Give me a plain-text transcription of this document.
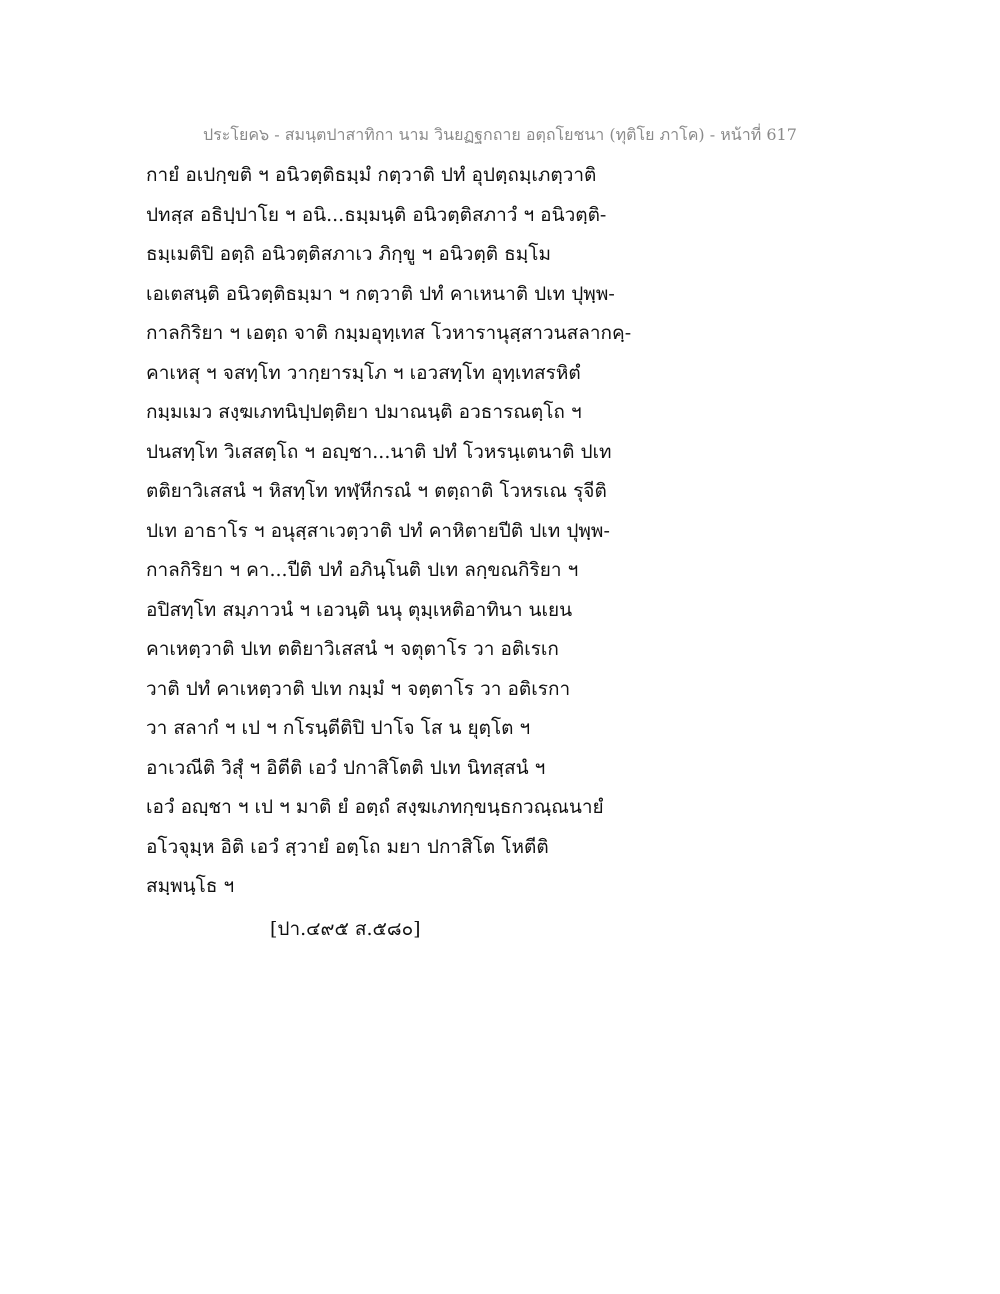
ประโยค๖ - สมนฺตปาสาทิกา นาม วินยฏฐกถาย อตฺถโยชนา (ทุติโย ภาโค) - หน้าที่ 617
กายํ อเปกฺขติ ฯ อนิวตฺติธมฺมํ กตฺวาติ ปทํ อุปตฺถมฺเภตฺวาติ
ปทสฺส อธิปฺปาโย ฯ อนิ...ธมฺมนฺติ อนิวตฺติสภาวํ ฯ อนิวตฺติ-
ธมฺเมติปิ อตฺถิ อนิวตฺติสภาเว ภิกฺขู ฯ อนิวตฺติ ธมฺโม
เอเตสนฺติ อนิวตฺติธมฺมา ฯ กตฺวาติ ปทํ คาเหนาติ ปเท ปุพฺพ-
กาลกิริยา ฯ เอตฺถ จาติ กมฺมอุทฺเทส โวหารานุสฺสาวนสลากคฺ-
คาเหสุ ฯ จสทฺโท วากฺยารมฺโภ ฯ เอวสทฺโท อุทฺเทสรหิตํ
กมฺมเมว สงฺฆเภทนิปฺปตฺติยา ปมาณนฺติ อวธารณตฺโถ ฯ
ปนสทฺโท วิเสสตฺโถ ฯ อญฺชา...นาติ ปทํ โวหรนฺเตนาติ ปเท
ตติยาวิเสสนํ ฯ หิสทฺโท ทฬฺหีกรณํ ฯ ตตฺถาติ โวหรเณ รุจีติ
ปเท อาธาโร ฯ อนุสฺสาเวตฺวาติ ปทํ คาหิตายปีติ ปเท ปุพฺพ-
กาลกิริยา ฯ คา...ปีติ ปทํ อภินฺโนติ ปเท ลกฺขณกิริยา ฯ
อปิสทฺโท สมฺภาวนํ ฯ เอวนฺติ นนุ ตุมฺเหติอาทินา นเยน
คาเหตฺวาติ ปเท ตติยาวิเสสนํ ฯ จตุตาโร วา อติเรเก
วาติ ปทํ คาเหตฺวาติ ปเท กมฺมํ ฯ จตฺตาโร วา อติเรกา
วา สลากํ ฯ เป ฯ กโรนฺตีติปิ ปาโจ โส น ยุตฺโต ฯ
อาเวณีติ วิสุํ ฯ อิตีติ เอวํ ปกาสิโตติ ปเท นิทสฺสนํ ฯ
เอวํ อญฺชา ฯ เป ฯ มาติ ยํ อตฺถํ สงฺฆเภทกฺขนฺธกวณฺณนายํ
อโวจุมฺห อิติ เอวํ สฺวายํ อตฺโถ มยา ปกาสิโต โหตีติ
สมฺพนฺโธ ฯ
[ปา.๔๙๕ ส.๕๘๐]
